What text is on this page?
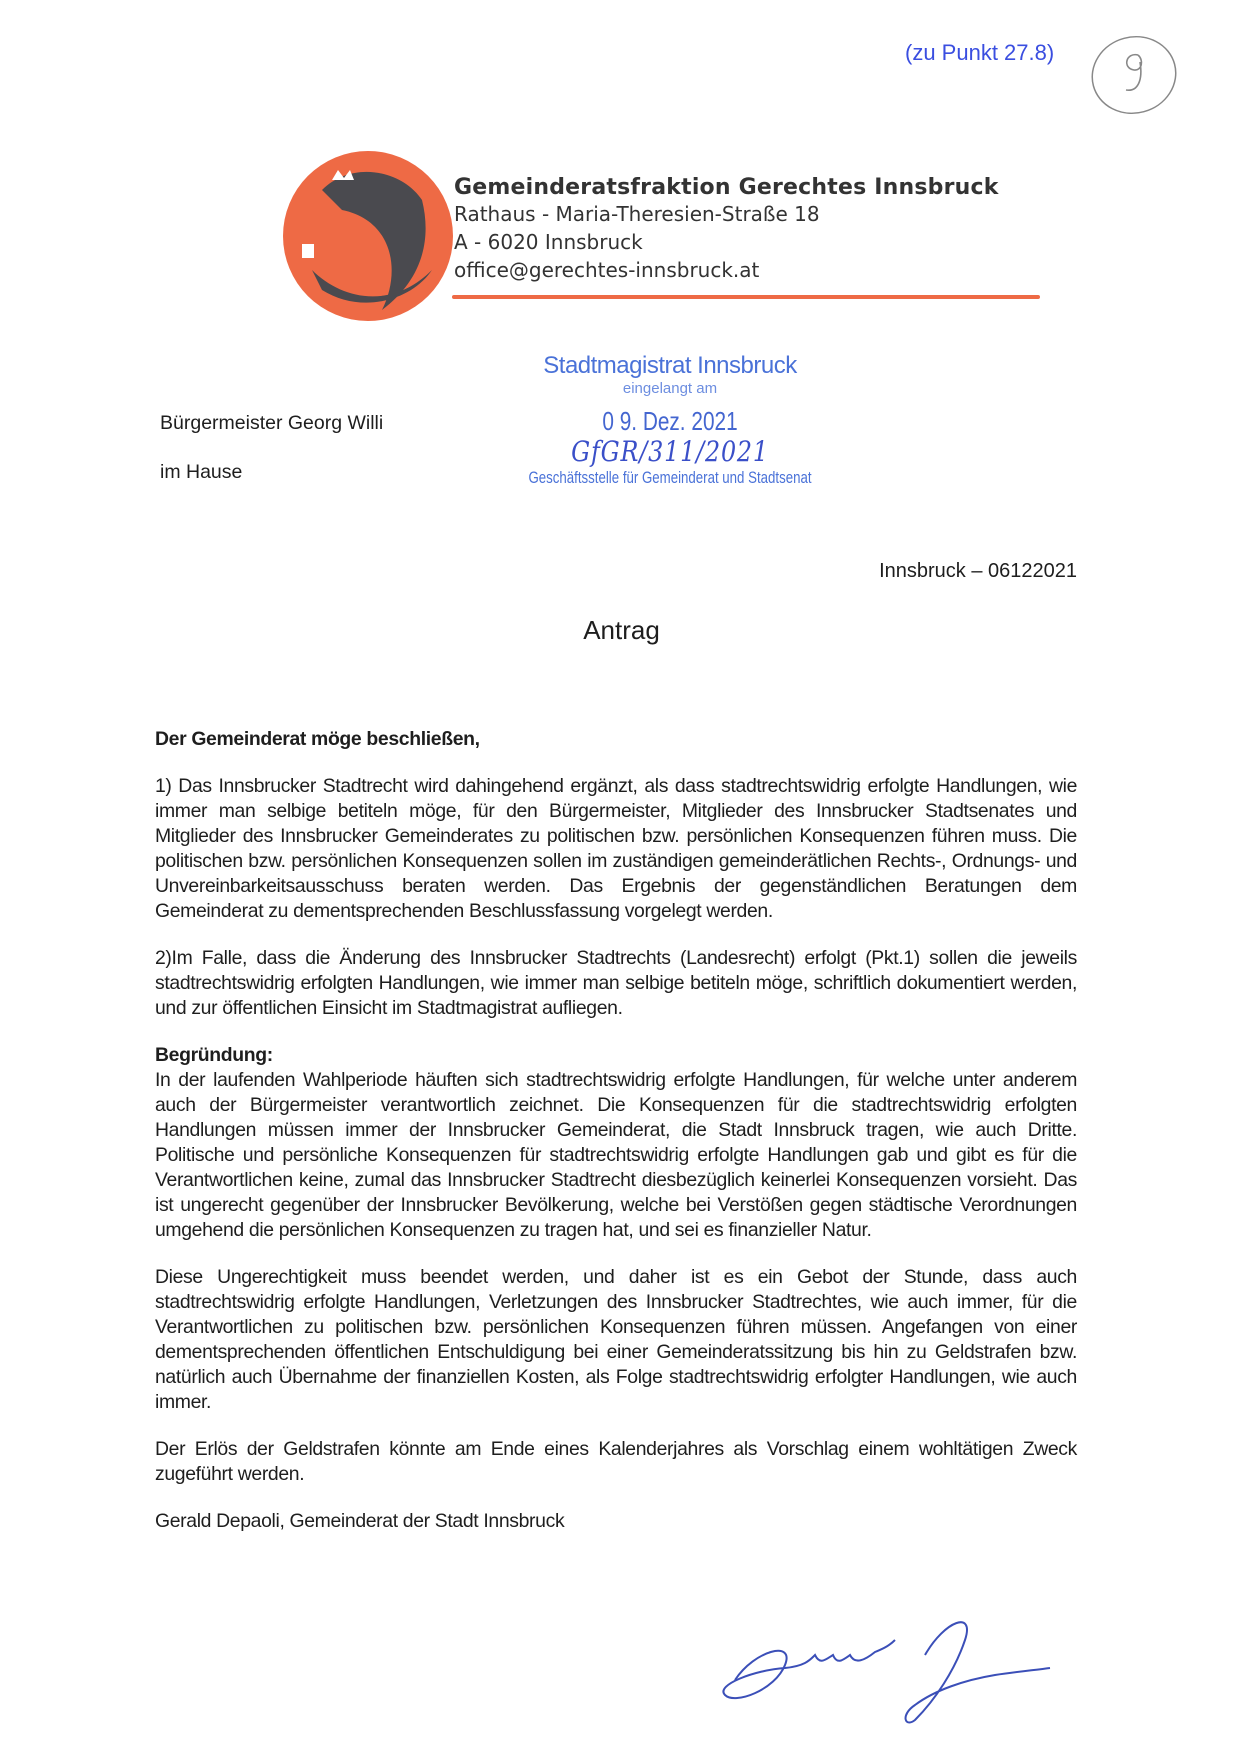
(zu Punkt 27.8)
Gemeinderatsfraktion Gerechtes Innsbruck
Rathaus - Maria-Theresien-Straße 18
A - 6020 Innsbruck
office@gerechtes-innsbruck.at
Stadtmagistrat Innsbruck
eingelangt am
0 9. Dez. 2021
GfGR/311/2021
Geschäftsstelle für Gemeinderat und Stadtsenat
Bürgermeister Georg Willi
im Hause
Innsbruck – 06122021
Antrag

Der Gemeinderat möge beschließen,

1) Das Innsbrucker Stadtrecht wird dahingehend ergänzt, als dass stadtrechtswidrig erfolgte Handlungen, wie immer man selbige betiteln möge, für den Bürgermeister, Mitglieder des Innsbrucker Stadtsenates und Mitglieder des Innsbrucker Gemeinderates zu politischen bzw. persönlichen Konsequenzen führen muss. Die politischen bzw. persönlichen Konsequenzen sollen im zuständigen gemeinderätlichen Rechts-, Ordnungs- und Unvereinbarkeitsausschuss beraten werden. Das Ergebnis der gegenständlichen Beratungen dem Gemeinderat zu dementsprechenden Beschlussfassung vorgelegt werden.

2)Im Falle, dass die Änderung des Innsbrucker Stadtrechts (Landesrecht) erfolgt (Pkt.1) sollen die jeweils stadtrechtswidrig erfolgten Handlungen, wie immer man selbige betiteln möge, schriftlich dokumentiert werden, und zur öffentlichen Einsicht im Stadtmagistrat aufliegen.

Begründung:

In der laufenden Wahlperiode häuften sich stadtrechtswidrig erfolgte Handlungen, für welche unter anderem auch der Bürgermeister verantwortlich zeichnet. Die Konsequenzen für die stadtrechtswidrig erfolgten Handlungen müssen immer der Innsbrucker Gemeinderat, die Stadt Innsbruck tragen, wie auch Dritte. Politische und persönliche Konsequenzen für stadtrechtswidrig erfolgte Handlungen gab und gibt es für die Verantwortlichen keine, zumal das Innsbrucker Stadtrecht diesbezüglich keinerlei Konsequenzen vorsieht. Das ist ungerecht gegenüber der Innsbrucker Bevölkerung, welche bei Verstößen gegen städtische Verordnungen umgehend die persönlichen Konsequenzen zu tragen hat, und sei es finanzieller Natur.

Diese Ungerechtigkeit muss beendet werden, und daher ist es ein Gebot der Stunde, dass auch stadtrechtswidrig erfolgte Handlungen, Verletzungen des Innsbrucker Stadtrechtes, wie auch immer, für die Verantwortlichen zu politischen bzw. persönlichen Konsequenzen führen müssen. Angefangen von einer dementsprechenden öffentlichen Entschuldigung bei einer Gemeinderatssitzung bis hin zu Geldstrafen bzw. natürlich auch Übernahme der finanziellen Kosten, als Folge stadtrechtswidrig erfolgter Handlungen, wie auch immer.

Der Erlös der Geldstrafen könnte am Ende eines Kalenderjahres als Vorschlag einem wohltätigen Zweck zugeführt werden.

Gerald Depaoli, Gemeinderat der Stadt Innsbruck
